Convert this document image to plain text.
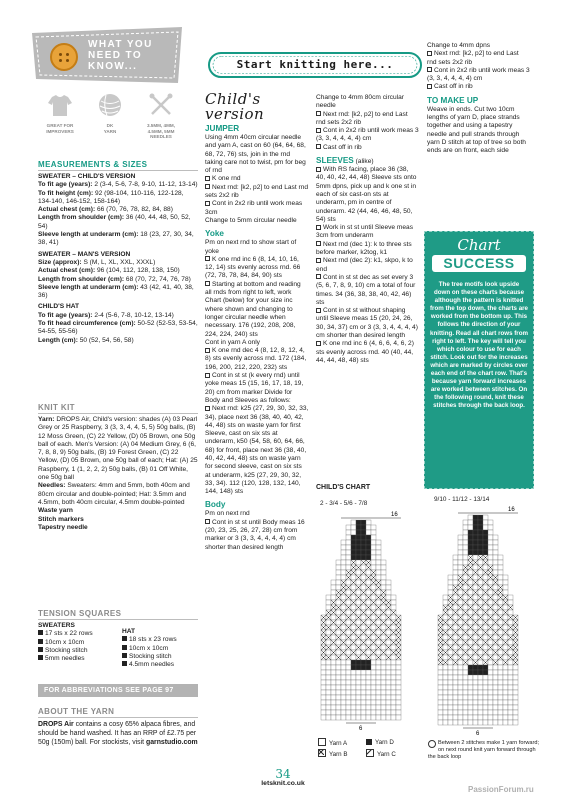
WHAT YOU
NEED TO
KNOW...
GREAT FOR
IMPROVERS
DK
YARN
3.5MM, 4MM,
4.5MM, 5MM
NEEDLES
MEASUREMENTS & SIZES

SWEATER – CHILD'S VERSION

To fit age (years): 2 (3-4, 5-6, 7-8, 9-10, 11-12, 13-14)

To fit height (cm): 92 (98-104, 110-116, 122-128, 134-140, 146-152, 158-164)

Actual chest (cm): 66 (70, 76, 78, 82, 84, 88)

Length from shoulder (cm): 36 (40, 44, 48, 50, 52, 54)

Sleeve length at underarm (cm): 18 (23, 27, 30, 34, 38, 41)

SWEATER – MAN'S VERSION

Size (approx): S (M, L, XL, XXL, XXXL)

Actual chest (cm): 96 (104, 112, 128, 138, 150)

Length from shoulder (cm): 68 (70, 72, 74, 76, 78)

Sleeve length at underarm (cm): 43 (42, 41, 40, 38, 36)

CHILD'S HAT

To fit age (years): 2-4 (5-6, 7-8, 10-12, 13-14)

To fit head circumference (cm): 50-52 (52-53, 53-54, 54-55, 55-56)

Length (cm): 50 (52, 54, 56, 58)

KNIT KIT

Yarn: DROPS Air, Child's version: shades (A) 03 Pearl Grey or 25 Raspberry, 3 (3, 3, 4, 4, 5, 5) 50g balls, (B) 12 Moss Green, (C) 22 Yellow, (D) 05 Brown, one 50g ball of each. Men's Version: (A) 04 Medium Grey, 6 (6, 7, 8, 8, 9) 50g balls, (B) 19 Forest Green, (C) 22 Yellow, (D) 05 Brown, one 50g ball of each; Hat: (A) 25 Raspberry, 1 (1, 2, 2, 2) 50g balls, (B) 01 Off White, one 50g ball

Needles: Sweaters: 4mm and 5mm, both 40cm and 80cm circular and double-pointed; Hat: 3.5mm and 4.5mm, both 40cm circular, 4.5mm double-pointed

Waste yarn

Stitch markers

Tapestry needle

TENSION SQUARES

SWEATERS

17 sts x 22 rows

10cm x 10cm

Stocking stitch

5mm needles

HAT

18 sts x 23 rows

10cm x 10cm

Stocking stitch

4.5mm needles

FOR ABBREVIATIONS SEE PAGE 97
ABOUT THE YARN

DROPS Air contains a cosy 65% alpaca fibres, and should be hand washed. It has an RRP of £2.75 per 50g (150m) ball. For stockists, visit garnstudio.com

Start knitting here...
Child's
version
JUMPER

Using 4mm 40cm circular needle and yarn A, cast on 60 (64, 64, 68, 68, 72, 76) sts, join in the rnd taking care not to twist, pm for beg of rnd

K one rnd

Next rnd: [k2, p2] to end Last rnd sets 2x2 rib

Cont in 2x2 rib until work meas 3cm

Change to 5mm circular needle

Yoke

Pm on next rnd to show start of yoke

K one rnd inc 6 (8, 14, 10, 16, 12, 14) sts evenly across rnd. 66 (72, 78, 78, 84, 84, 90) sts

Starting at bottom and reading all rnds from right to left, work Chart (below) for your size inc where shown and changing to longer circular needle when necessary. 176 (192, 208, 208, 224, 224, 240) sts

Cont in yarn A only

K one rnd dec 4 (8, 12, 8, 12, 4, 8) sts evenly across rnd. 172 (184, 196, 200, 212, 220, 232) sts

Cont in st st (k every rnd) until yoke meas 15 (15, 16, 17, 18, 19, 20) cm from marker Divide for Body and Sleeves as follows:

Next rnd: k25 (27, 29, 30, 32, 33, 34), place next 36 (38, 40, 40, 42, 44, 48) sts on waste yarn for first Sleeve, cast on six sts at underarm, k50 (54, 58, 60, 64, 66, 68) for front, place next 36 (38, 40, 40, 42, 44, 48) sts on waste yarn for second sleeve, cast on six sts at underarm, k25 (27, 29, 30, 32, 33, 34). 112 (120, 128, 132, 140, 144, 148) sts

Body

Pm on next rnd

Cont in st st until Body meas 16 (20, 23, 25, 26, 27, 28) cm from marker or 3 (3, 3, 4, 4, 4, 4) cm shorter than desired length

Change to 4mm 80cm circular needle

Next rnd: [k2, p2] to end Last rnd sets 2x2 rib

Cont in 2x2 rib until work meas 3 (3, 3, 4, 4, 4, 4) cm

Cast off in rib

SLEEVES (alike)

With RS facing, place 36 (38, 40, 40, 42, 44, 48) Sleeve sts onto 5mm dpns, pick up and k one st in each of six cast-on sts at underarm, pm in centre of underarm. 42 (44, 46, 46, 48, 50, 54) sts

Work in st st until Sleeve meas 3cm from underarm

Next rnd (dec 1): k to three sts before marker, k2tog, k1

Next rnd (dec 2): k1, skpo, k to end

Cont in st st dec as set every 3 (5, 6, 7, 8, 9, 10) cm a total of four times. 34 (36, 38, 38, 40, 42, 46) sts

Cont in st st without shaping until Sleeve meas 15 (20, 24, 26, 30, 34, 37) cm or 3 (3, 3, 4, 4, 4, 4) cm shorter than desired length

K one rnd inc 6 (4, 6, 6, 4, 6, 2) sts evenly across rnd. 40 (40, 44, 44, 44, 48, 48) sts

Change to 4mm dpns

Next rnd: [k2, p2] to end Last rnd sets 2x2 rib

Cont in 2x2 rib until work meas 3 (3, 3, 4, 4, 4, 4) cm

Cast off in rib

TO MAKE UP

Weave in ends. Cut two 10cm lengths of yarn D, place strands together and using a tapestry needle and pull strands through yarn D stitch at top of tree so both ends are on front, each side

Chart
SUCCESS

The tree motifs look upside down on these charts because although the pattern is knitted from the top down, the charts are worked from the bottom up. This follows the direction of your knitting. Read all chart rows from right to left. The key will tell you which colour to use for each stitch. Look out for the increases which are marked by circles over each end of the chart row. That's because yarn forward increases are worked between stitches. On the following round, knit these stitches through the back loop.

CHILD'S CHART
2 - 3/4 - 5/6 - 7/8
9/10 - 11/12 - 13/14
16
6
16
6
Yarn A	Yarn D
Yarn B	Yarn C
Between 2 stitches make 1 yarn forward; on next round knit yarn forward through the back loop
34
letsknit.co.uk
PassionForum.ru
